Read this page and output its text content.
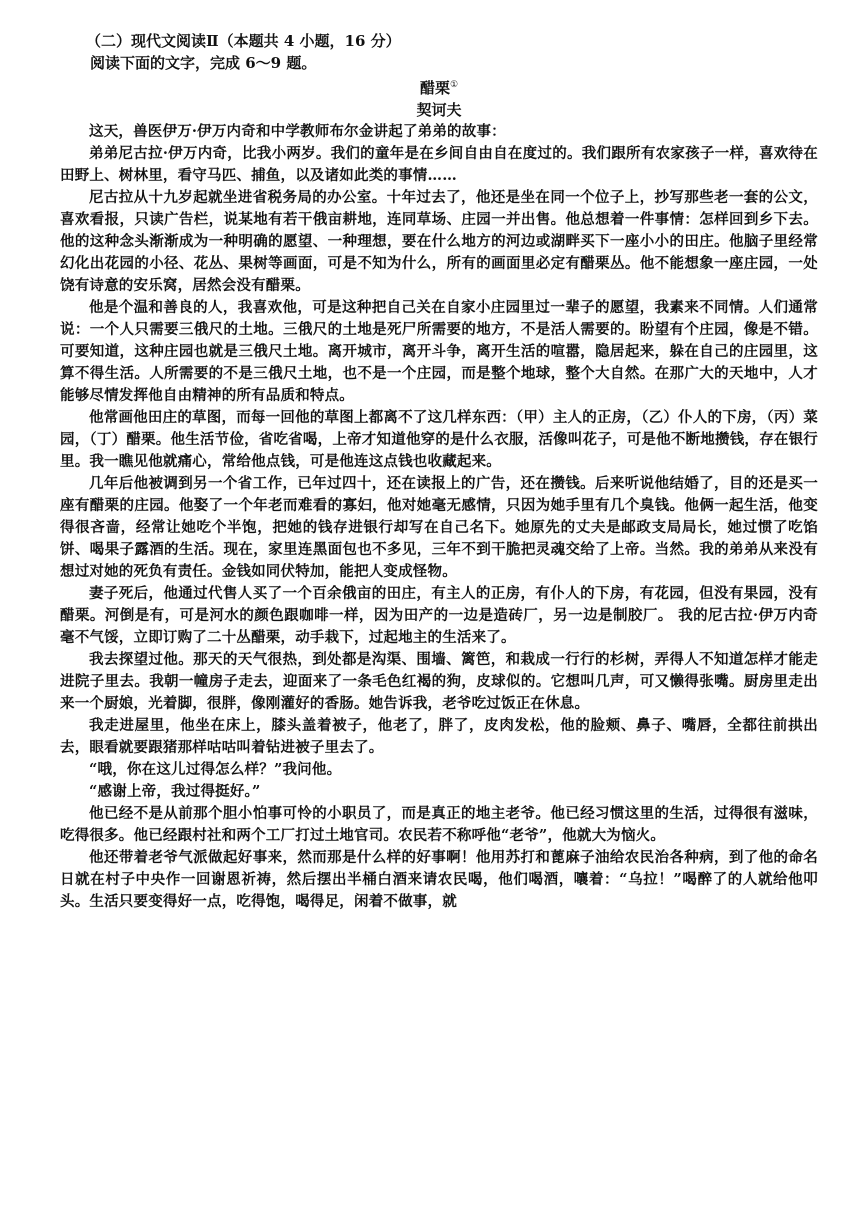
（二）现代文阅读Ⅱ（本题共 4 小题，16 分）

阅读下面的文字，完成 6～9 题。

醋栗①

契诃夫

这天，兽医伊万·伊万内奇和中学教师布尔金讲起了弟弟的故事：

弟弟尼古拉·伊万内奇，比我小两岁。我们的童年是在乡间自由自在度过的。我们跟所有农家孩子一样，喜欢待在田野上、树林里，看守马匹、捕鱼，以及诸如此类的事情……

尼古拉从十九岁起就坐进省税务局的办公室。十年过去了，他还是坐在同一个位子上，抄写那些老一套的公文，喜欢看报，只读广告栏，说某地有若干俄亩耕地，连同草场、庄园一并出售。他总想着一件事情：怎样回到乡下去。他的这种念头渐渐成为一种明确的愿望、一种理想，要在什么地方的河边或湖畔买下一座小小的田庄。他脑子里经常幻化出花园的小径、花丛、果树等画面，可是不知为什么，所有的画面里必定有醋栗丛。他不能想象一座庄园，一处饶有诗意的安乐窝，居然会没有醋栗。

他是个温和善良的人，我喜欢他，可是这种把自己关在自家小庄园里过一辈子的愿望，我素来不同情。人们通常说：一个人只需要三俄尺的土地。三俄尺的土地是死尸所需要的地方，不是活人需要的。盼望有个庄园，像是不错。可要知道，这种庄园也就是三俄尺土地。离开城市，离开斗争，离开生活的喧嚣，隐居起来，躲在自己的庄园里，这算不得生活。人所需要的不是三俄尺土地，也不是一个庄园，而是整个地球，整个大自然。在那广大的天地中，人才能够尽情发挥他自由精神的所有品质和特点。

他常画他田庄的草图，而每一回他的草图上都离不了这几样东西：（甲）主人的正房，（乙）仆人的下房，（丙）菜园，（丁）醋栗。他生活节俭，省吃省喝，上帝才知道他穿的是什么衣服，活像叫花子，可是他不断地攒钱，存在银行里。我一瞧见他就痛心，常给他点钱，可是他连这点钱也收藏起来。

几年后他被调到另一个省工作，已年过四十，还在读报上的广告，还在攒钱。后来听说他结婚了，目的还是买一座有醋栗的庄园。他娶了一个年老而难看的寡妇，他对她毫无感情，只因为她手里有几个臭钱。他俩一起生活，他变得很吝啬，经常让她吃个半饱，把她的钱存进银行却写在自己名下。她原先的丈夫是邮政支局局长，她过惯了吃馅饼、喝果子露酒的生活。现在，家里连黑面包也不多见，三年不到干脆把灵魂交给了上帝。当然。我的弟弟从来没有想过对她的死负有责任。金钱如同伏特加，能把人变成怪物。

妻子死后，他通过代售人买了一个百余俄亩的田庄，有主人的正房，有仆人的下房，有花园，但没有果园，没有醋栗。河倒是有，可是河水的颜色跟咖啡一样，因为田产的一边是造砖厂，另一边是制胶厂。 我的尼古拉·伊万内奇毫不气馁，立即订购了二十丛醋栗，动手栽下，过起地主的生活来了。

我去探望过他。那天的天气很热，到处都是沟渠、围墙、篱笆，和栽成一行行的杉树，弄得人不知道怎样才能走进院子里去。我朝一幢房子走去，迎面来了一条毛色红褐的狗，皮球似的。它想叫几声，可又懒得张嘴。厨房里走出来一个厨娘，光着脚，很胖，像刚灌好的香肠。她告诉我，老爷吃过饭正在休息。

我走进屋里，他坐在床上，膝头盖着被子，他老了，胖了，皮肉发松，他的脸颊、鼻子、嘴唇，全都往前拱出去，眼看就要跟猪那样咕咕叫着钻进被子里去了。

“哦，你在这儿过得怎么样？”我问他。

“感谢上帝，我过得挺好。”

他已经不是从前那个胆小怕事可怜的小职员了，而是真正的地主老爷。他已经习惯这里的生活，过得很有滋味，吃得很多。他已经跟村社和两个工厂打过土地官司。农民若不称呼他“老爷”，他就大为恼火。

他还带着老爷气派做起好事来，然而那是什么样的好事啊！他用苏打和蓖麻子油给农民治各种病，到了他的命名日就在村子中央作一回谢恩祈祷，然后摆出半桶白酒来请农民喝，他们喝酒，嚷着：“乌拉！”喝醉了的人就给他叩头。生活只要变得好一点，吃得饱，喝得足，闲着不做事，就
